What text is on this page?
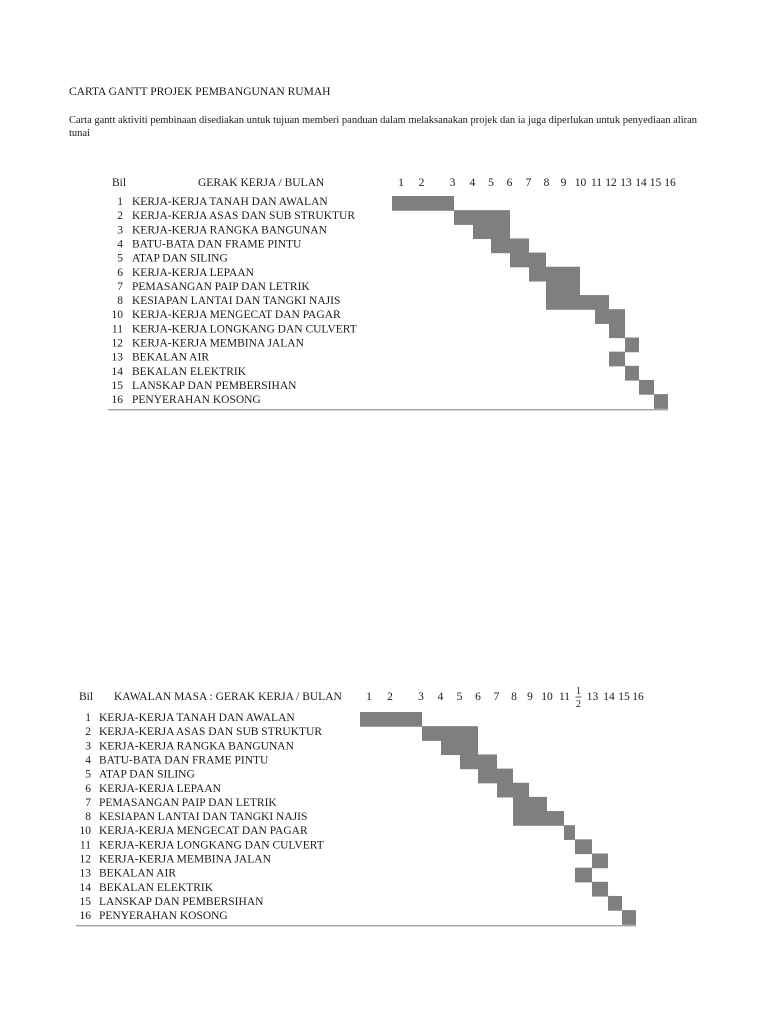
CARTA GANTT PROJEK PEMBANGUNAN RUMAH
Carta gantt aktiviti pembinaan disediakan untuk tujuan memberi panduan dalam melaksanakan projek dan ia juga diperlukan untuk penyediaan aliran tunai
Bil	GERAK KERJA / BULAN	1 2 3 4 5 6 7 8 9 10 11 12 13 14 15 16
1 KERJA-KERJA TANAH DAN AWALAN
2 KERJA-KERJA ASAS DAN SUB STRUKTUR
3 KERJA-KERJA RANGKA BANGUNAN
4 BATU-BATA DAN FRAME PINTU
5 ATAP DAN SILING
6 KERJA-KERJA LEPAAN
7 PEMASANGAN PAIP DAN LETRIK
8 KESIAPAN LANTAI DAN TANGKI NAJIS
10 KERJA-KERJA MENGECAT DAN PAGAR
11 KERJA-KERJA LONGKANG DAN CULVERT
12 KERJA-KERJA MEMBINA JALAN
13 BEKALAN AIR
14 BEKALAN ELEKTRIK
15 LANSKAP DAN PEMBERSIHAN
16 PENYERAHAN KOSONG
Bil KAWALAN MASA : GERAK KERJA / BULAN 1 2 3 4 5 6 7 8 9 10 11 1
2
13 14 15 16
1 KERJA-KERJA TANAH DAN AWALAN
2 KERJA-KERJA ASAS DAN SUB STRUKTUR
3 KERJA-KERJA RANGKA BANGUNAN
4 BATU-BATA DAN FRAME PINTU
5 ATAP DAN SILING
6 KERJA-KERJA LEPAAN
7 PEMASANGAN PAIP DAN LETRIK
8 KESIAPAN LANTAI DAN TANGKI NAJIS
10 KERJA-KERJA MENGECAT DAN PAGAR
11 KERJA-KERJA LONGKANG DAN CULVERT
12 KERJA-KERJA MEMBINA JALAN
13 BEKALAN AIR
14 BEKALAN ELEKTRIK
15 LANSKAP DAN PEMBERSIHAN
16 PENYERAHAN KOSONG
